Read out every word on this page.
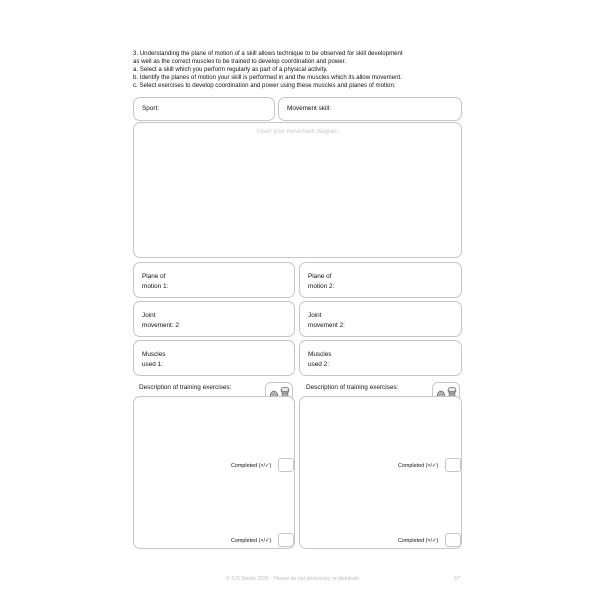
3. Understanding the plane of motion of a skill allows technique to be observed for skill development
as well as the correct muscles to be trained to develop coordination and power.
a. Select a skill which you perform regularly as part of a physical activity.
b. Identify the planes of motion your skill is performed in and the muscles which its allow movement.
c. Select exercises to develop coordination and power using these muscles and planes of motion.
Sport:	Movement skill:
Insert your movement diagram
Plane of
motion 1:
Plane of
motion 2:
Joint
movement: 2
Joint
movement 2:
Muscles
used 1:
Muscles
used 2:
Description of training exercises:	Description of training exercises:
Completed (×/✓)
Completed (×/✓)
Completed (×/✓)
Completed (×/✓)
© S D Martin 2026 - Please do not photocopy or distribute	67
